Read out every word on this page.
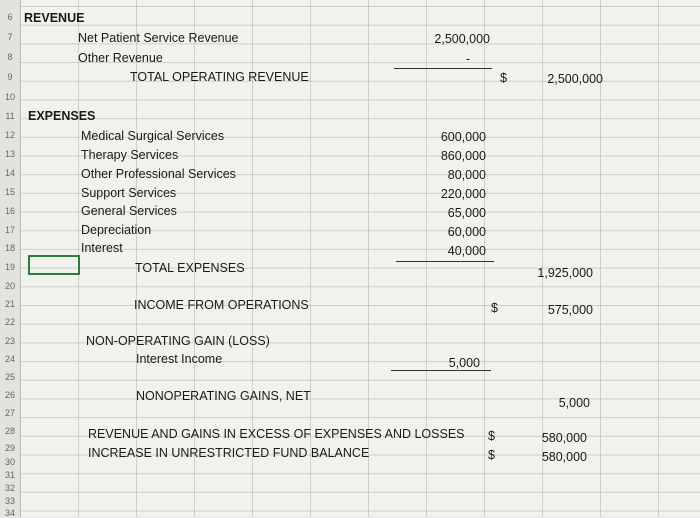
6
7
8
9
10
11
12
13
14
15
16
17
18
19
20
21
22
23
24
25
26
27
28
29
30
31
32
33
34
REVENUE
Net Patient Service Revenue	2,500,000
Other Revenue	-
TOTAL OPERATING REVENUE	$	2,500,000
EXPENSES
Medical Surgical Services	600,000
Therapy Services	860,000
Other Professional Services	80,000
Support Services	220,000
General Services	65,000
Depreciation	60,000
Interest	40,000
TOTAL EXPENSES	1,925,000
INCOME FROM OPERATIONS	$	575,000
NON-OPERATING GAIN (LOSS)
Interest Income	5,000
NONOPERATING GAINS, NET	5,000
REVENUE AND GAINS IN EXCESS OF EXPENSES AND LOSSES $	580,000
INCREASE IN UNRESTRICTED FUND BALANCE	$	580,000
